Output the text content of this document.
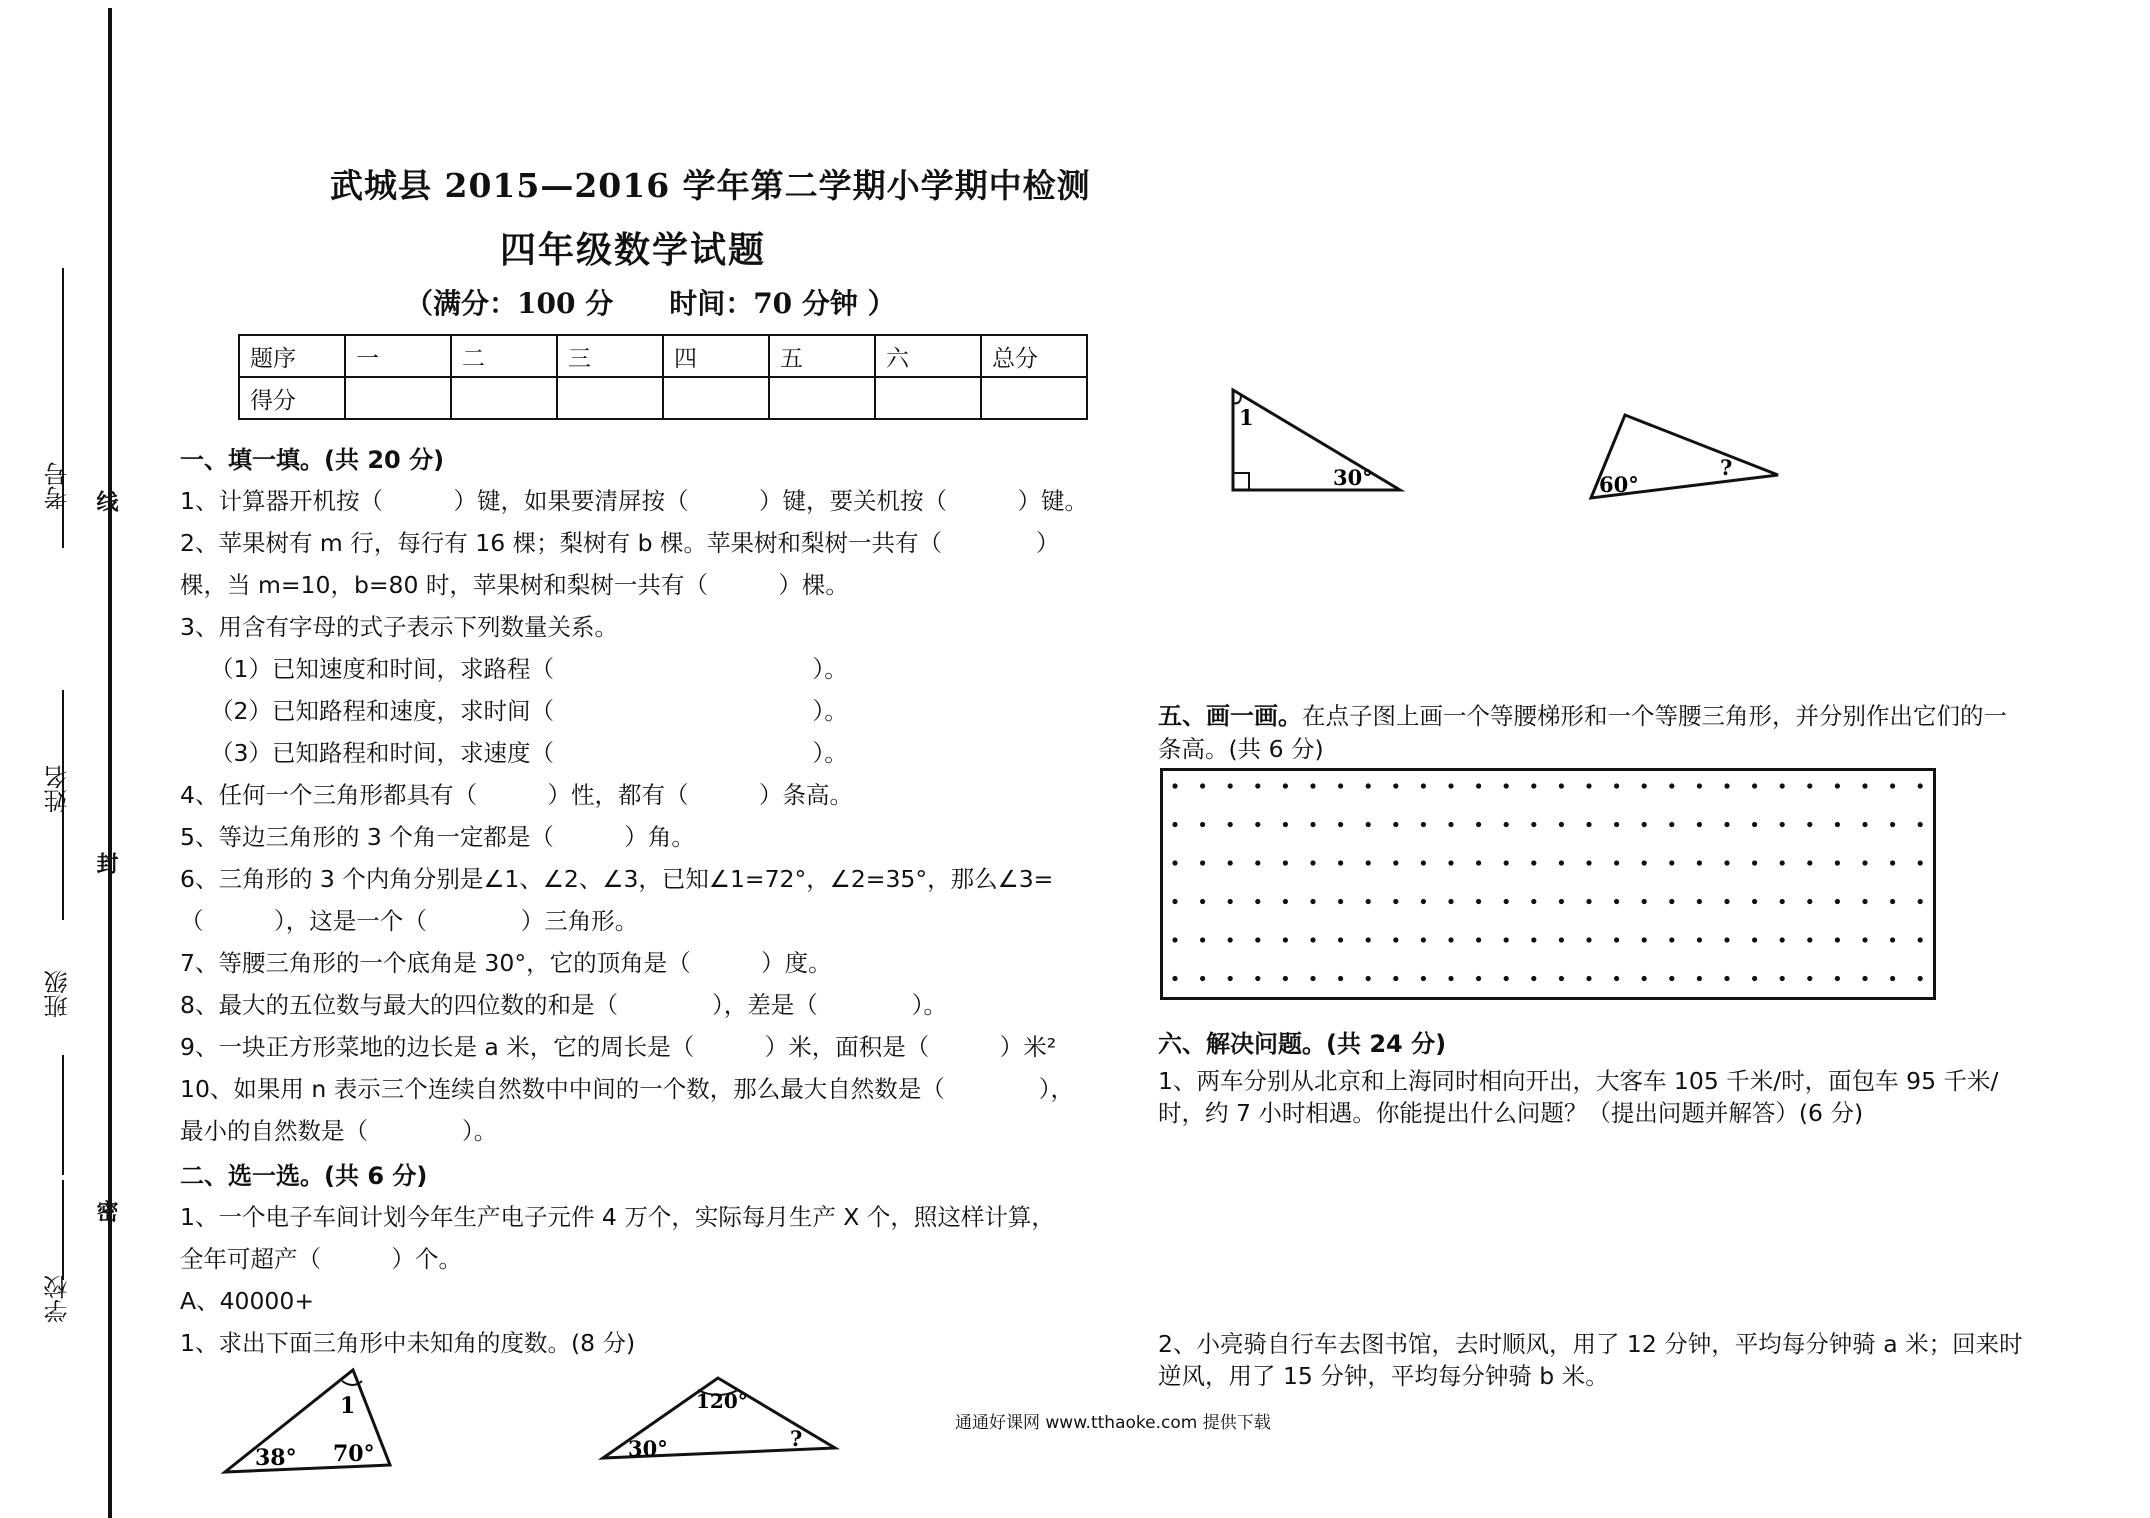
考号
姓名
班级
学校
线
封
密
武城县 2015—2016 学年第二学期小学期中检测
四年级数学试题
（满分：100 分　　时间：70 分钟 ）
题序	一	二	三	四	五	六	总分
得分							
一、填一填。(共 20 分)
1、计算器开机按（　　　）键，如果要清屏按（　　　）键，要关机按（　　　）键。
2、苹果树有 m 行，每行有 16 棵；梨树有 b 棵。苹果树和梨树一共有（　　　　）
棵，当 m=10，b=80 时，苹果树和梨树一共有（　　　）棵。
3、用含有字母的式子表示下列数量关系。
（1）已知速度和时间，求路程（　　　　　　　　　　　）。
（2）已知路程和速度，求时间（　　　　　　　　　　　）。
（3）已知路程和时间，求速度（　　　　　　　　　　　）。
4、任何一个三角形都具有（　　　）性，都有（　　　）条高。
5、等边三角形的 3 个角一定都是（　　　）角。
6、三角形的 3 个内角分别是∠1、∠2、∠3，已知∠1=72°，∠2=35°，那么∠3=
（　　　），这是一个（　　　　）三角形。
7、等腰三角形的一个底角是 30°，它的顶角是（　　　）度。
8、最大的五位数与最大的四位数的和是（　　　　），差是（　　　　）。
9、一块正方形菜地的边长是 a 米，它的周长是（　　　）米，面积是（　　　）米²
10、如果用 n 表示三个连续自然数中中间的一个数，那么最大自然数是（　　　　），
最小的自然数是（　　　　）。
二、选一选。(共 6 分)
1、一个电子车间计划今年生产电子元件 4 万个，实际每月生产 X 个，照这样计算，
全年可超产（　　　）个。
A、40000+
1、求出下面三角形中未知角的度数。(8 分)
1
38° 70°
120°
30°	?
1
30°	60°
?
五、画一画。在点子图上画一个等腰梯形和一个等腰三角形，并分别作出它们的一
条高。(共 6 分)
六、解决问题。(共 24 分)
1、两车分别从北京和上海同时相向开出，大客车 105 千米/时，面包车 95 千米/
时，约 7 小时相遇。你能提出什么问题？（提出问题并解答）(6 分)
2、小亮骑自行车去图书馆，去时顺风，用了 12 分钟，平均每分钟骑 a 米；回来时
逆风，用了 15 分钟，平均每分钟骑 b 米。
通通好课网 www.tthaoke.com 提供下载
